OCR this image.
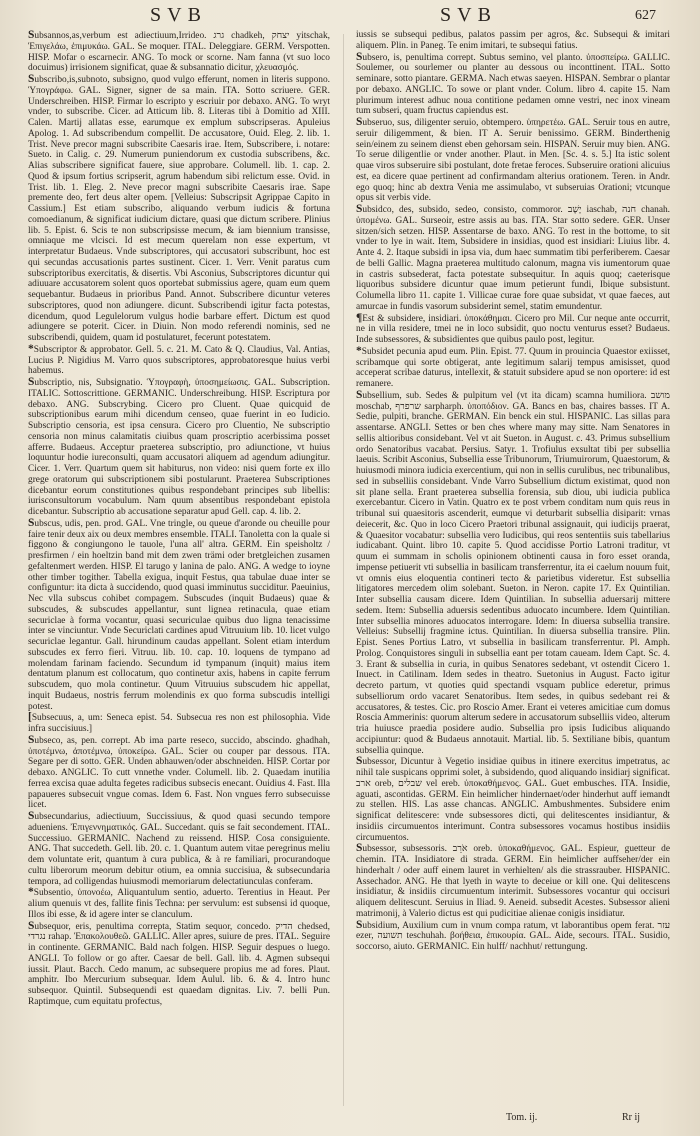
SVB	SVB	627

Subsannos,as,verbum est adiectiuum,Irrideo. גרג chadkeh, יצחק yitschak, Ἐπιγελάω, ἐπιμυκάω. GAL. Se moquer. ITAL. Deleggiare. GERM. Verspotten. HISP. Mofar o escarnecir. ANG. To mock or scorne. Nam fanna (vt suo loco docuimus) irrisionem significat, quae & subsannatio dicitur, χλευασμός.

Subscribo,is,subnoto, subsigno, quod vulgo efferunt, nomen in literis suppono. Ὑπογράφω. GAL. Signer, signer de sa main. ITA. Sotto scriuere. GER. Underschreiben. HISP. Firmar lo escripto y escriuir por debaxo. ANG. To wryt vnder, to subscribe. Cicer. ad Atticum lib. 8. Literas tibi à Domitio ad XIII. Calen. Martij allatas esse, earumque ex emplum subscripseras. Apuleius Apolog. 1. Ad subscribendum compellit. De accusatore, Ouid. Eleg. 2. lib. 1. Trist. Neve precor magni subscribite Caesaris irae. Item, Subscribere, i. notare: Sueto. in Calig. c. 29. Numerum puniendorum ex custodia subscribens, &c. Alias subscribere significat fauere, siue approbare. Columell. lib. 1. cap. 2. Quod & ipsum fortius scripserit, agrum habendum sibi relictum esse. Ovid. in Trist. lib. 1. Eleg. 2. Neve precor magni subscribite Caesaris irae. Sape premente deo, fert deus alter opem. [Velleius: Subscripsit Agrippae Capito in Cassium.] Est etiam subscribo, aliquando verbum iudicis & fortuna comoedianum, & significat iudicium dictare, quasi que dictum scribere. Plinius lib. 5. Epist. 6. Scis te non subscripsisse mecum, & iam biennium transisse, omniaque me vlcisci. Id est mecum querelam non esse expertum, vt interpretatur Budaeus. Vnde subscriptores, qui accusatori subscribunt, hoc est qui secundas accusationis partes sustinent. Cicer. 1. Verr. Venit paratus cum subscriptoribus exercitatis, & disertis. Vbi Asconius, Subscriptores dicuntur qui adiuuare accusatorem solent quos oportebat submissius agere, quam eum quem sequebantur. Budaeus in prioribus Pand. Annot. Subscribere dicuntur veteres subscriptores, quod non adiungere. dicunt. Subscribendi igitur facta potestas, dicendum, quod Legulelorum vulgus hodie barbare effert. Dictum est quod adiungere se poterit. Cicer. in Diuin. Non modo referendi nominis, sed ne subscribendi, quidem, quam id postulaturet, fecerunt potestatem.

*Subscriptor & approbator. Gell. 5. c. 21. M. Cato & Q. Claudius, Val. Antias, Lucius P. Nigidius M. Varro quos subscriptores, approbatoresque huius verbi habemus.

Subscriptio, nis, Subsignatio. Ὑπογραφὴ, ὑποσημείωσις. GAL. Subscription. ITALIC. Sottoscrittione. GERMANIC. Underschreibung. HISP. Escriptura por debaxo. ANG. Subscrybing. Cicero pro Cluent. Quae quicquid de subscriptionibus earum mihi dicendum censeo, quae fuerint in eo Iudicio. Subscriptio censoria, est ipsa censura. Cicero pro Cluentio, Ne subscriptio censoria non minus calamitatis ciuibus quam proscriptio acerbissima posset afferre. Budaeus. Acceptur praeterea subscriptio, pro adiunctione, vt huius loquuntur hodie iureconsulti, quam accusatori aliquem ad agendum adiungitur. Cicer. 1. Verr. Quartum quem sit habiturus, non video: nisi quem forte ex illo grege oratorum qui subscriptionem sibi postularunt. Praeterea Subscriptiones dicebantur eorum constitutiones quibus respondebant principes sub libellis: iurisconsultorum vocabulum. Nam quum absentibus respondebant epistola dicebantur. Subscriptio ab accusatione separatur apud Gell. cap. 4. lib. 2.

Subscus, udis, pen. prod. GAL. Vne tringle, ou queue d'aronde ou cheuille pour faire tenir deux aix ou deux membres ensemble. ITALI. Tanoletta con la quale si figgono & congiungono le tauole, l'una all' altra. GERM. Ein speisholtz / presfirmen / ein hoeltzin band mit dem zwen trämi oder bretgleichen zusamen gefaltenmert werden. HISP. El tarugo y lanina de palo. ANG. A wedge to ioyne other timber togither. Tabella exigua, inquit Festus, qua tabulae duae inter se configuntur: ita dicta à succidendo, quod quasi imminutus succiditur. Paeuinius, Nec vlla subscus cohibet compagem. Subscudes (inquit Budaeus) quae & subscudes, & subscudes appellantur, sunt lignea retinacula, quae etiam securiclae à forma vocantur, quasi securiculae quibus duo ligna tenacissime inter se vinciuntur. Vnde Securiclati cardines apud Vitruuium lib. 10. licet vulgo securiclae legantur. Gall. hirundinum caudas appellant. Solent etiam interdum subscudes ex ferro fieri. Vitruu. lib. 10. cap. 10. loquens de tympano ad molendam farinam faciendo. Secundum id tympanum (inquit) maius item dentatum planum est collocatum, quo continetur axis, habens in capite ferrum subscudem, quo mola continetur. Quum Vitruuius subscudem hic appellat, inquit Budaeus, nostris ferrum molendinis ex quo forma subscudis intelligi potest.

[Subsecuus, a, um: Seneca epist. 54. Subsecua res non est philosophia. Vide infra succisiuus.]

Subseco, as, pen. corrept. Ab ima parte reseco, succido, abscindo. ghadhah, ὑποτέμνω, ἀποτέμνω, ὑποκείρω. GAL. Scier ou couper par dessous. ITA. Segare per di sotto. GER. Unden abhauwen/oder abschneiden. HISP. Cortar por debaxo. ANGLIC. To cutt vnnethe vnder. Columell. lib. 2. Quaedam inutilia ferrea excisa quae adulta fegetes radicibus subsecis enecant. Ouidius 4. Fast. Illa papaueres subsecuit vngue comas. Idem 6. Fast. Non vngues ferro subsecuisse licet.

Subsecundarius, adiectiuum, Succissiuus, & quod quasi secundo tempore adueniens. Ἐπιγεννηματικός. GAL. Succedant. quis se fait secondement. ITAL. Successiuo. GERMANIC. Nachend zu reissend. HISP. Cosa consiguiente. ANG. That succedeth. Gell. lib. 20. c. 1. Quantum autem vitae peregrinus meliu dem voluntate erit, quantum à cura publica, & à re familiari, procurandoque cultu liberorum meorum debitur otium, ea omnia succisiua, & subsecundaria tempora, ad colligendas huiusmodi memoriarum delectatiunculas conferam.

*Subsentio, ὑπονοέω, Aliquantulum sentio, aduerto. Terentius in Heaut. Per alium quenuis vt des, fallite finis Techna: per servulum: est subsensi id quoque, Illos ibi esse, & id agere inter se clanculum.

Subsequor, eris, penultima correpta, Statim sequor, concedo. הדיק chedsed, נגרדי rahap. Ἐπακολουθεῶ. GALLIC. Aller apres, suiure de pres. ITAL. Seguire in continente. GERMANIC. Bald nach folgen. HISP. Seguir despues o luego. ANGLI. To follow or go after. Caesar de bell. Gall. lib. 4. Agmen subsequi iussit. Plaut. Bacch. Cedo manum, ac subsequere propius me ad fores. Plaut. amphitr. Ibo Mercurium subsequar. Idem Aulul. lib. 6. & 4. Intro hunc subsequor. Quintil. Subsequendi est quaedam dignitas. Liv. 7. belli Pun. Raptimque, cum equitatu profectus,

iussis se subsequi pedibus, palatos passim per agros, &c. Subsequi & imitari aliquem. Plin. in Paneg. Te enim imitari, te subsequi fatius.

Subsero, is, penultima corrept. Subtus semino, vel planto. ὑποσπείρω. GALLIC. Soulemer, ou sourlemer ou planter au dessous ou inconttinent. ITAL. Sotto seminare, sotto piantare. GERMA. Nach etwas saeyen. HISPAN. Sembrar o plantar por debaxo. ANGLIC. To sowe or plant vnder. Colum. libro 4. capite 15. Nam plurimum interest adhuc noua contitione pedamen omne vestri, nec inox vineam tum subseri, quam fructus capiendus est.

Subseruo, sus, diligenter seruio, obtempero. ὑπηρετέω. GAL. Seruir tous en autre, seruir diligemment, & bien. IT A. Seruir benissimo. GERM. Binderthenig sein/einem zu seinem dienst eben gehorsam sein. HISPAN. Seruir muy bien. ANG. To serue diligentlie or vnder another. Plaut. in Men. [Sc. 4. s. 5.] Ita istic solent quae viros subseruire sibi postulant, dote fretae feroces. Subseruire orationi alicuius est, ea dicere quae pertinent ad confirmandam alterius orationem. Teren. in Andr. ego quoq; hinc ab dextra Venia me assimulabo, vt subseruias Orationi; vtcunque opus sit verbis vide.

Subsidco, des, subsido, sedeo, consisto, commoror. יֶשֶׁב iaschab, חנה chanah. ὑπομένω. GAL. Surseoir, estre assis au bas. ITA. Star sotto sedere. GER. Unser sitzen/sich setzen. HISP. Assentarse de baxo. ANG. To rest in the bottome, to sit vnder to lye in wait. Item, Subsidere in insidias, quod est insidiari: Liuius libr. 4. Ante 4. 2. Itaque subsidi in ipsa via, dum haec summatim tibi perferiberem. Caesar de belli Gallic. Magna praeterea multitudo calonum, magna vis iumentorum quae in castris subsederat, facta potestate subsequitur. In aquis quoq; caeterisque liquoribus subsidere dicuntur quae imum petierunt fundi, Ibique subsistunt. Columella libro 11. capite 1. Villicae curae fore quae subsidat, vt quae faeces, aut amurcae in fundis vasorum subsiderint semel, statim emundentur.

¶Est & subsidere, insidiari. ὑποκάθημαι. Cicero pro Mil. Cur neque ante occurrit, ne in villa residere, tmei ne in loco subsidit, quo noctu venturus esset? Budaeus. Inde subsessores, & subsidientes que quibus paulo post, legitur.

*Subsidet pecunia apud eum. Plin. Epist. 77. Quum in prouincia Quaestor exiisset, scribamque qui sorte obtigerat, ante legitimum salarij tempus amisisset, quod acceperat scribae daturus, intellexit, & statuit subsidere apud se non oportere: id est remanere.

Subsellium, sub. Sedes & pulpitum vel (vt ita dicam) scamna humiliora. מושב moschab, שרפרף sarpharph. ὑποπόδιον. GA. Bancs en bas, chaires basses. IT A. Sedie, pulpiti, branche. GERMAN. Ein benck ein stul. HISPANIC. Las sillas para assentarse. ANGLI. Settes or ben ches where many may sitte. Nam Senatores in sellis altioribus considebant. Vel vt ait Sueton. in August. c. 43. Primus subsellium ordo Senatoribus vacabat. Persius. Satyr. 1. Trofiulus exsultat tibi per subsellia laeuis. Scribit Asconius, Subsellia esse Tribunorum, Triumuirorum, Quaestorum, & huiusmodi minora iudicia exercentium, qui non in sellis curulibus, nec tribunalibus, sed in subselliis considebant. Vnde Varro Subsellium dictum existimat, quod non sit plane sella. Erant praeterea subsellia forensia, sub diou, ubi iudicia publica exercebantur. Cicero in Vatin. Quatro ex te post vrbem conditam num quis reus in tribunal sui quaesitoris ascenderit, eumque vi deturbarit subsellia disiparit: vrnas deiecerit, &c. Quo in loco Cicero Praetori tribunal assignauit, qui iudicijs praerat, & Quaesitor vocabatur: subsellia vero Iudicibus, qui reos sententiis suis tabellarius iudicabant. Quint. libro 10. capite 5. Quod accidisse Portio Latroni traditur, vt quum ei summam in scholis opinionem obtinenti causa in foro esset oranda, impense petiuerit vti subsellia in basilicam transferrentur, ita ei caelum nouum fuit, vt omnis eius eloquentia contineri tecto & parietibus videretur. Est subsellia litigatores mercedem olim solebant. Sueton. in Neron. capite 17. Ex Quintilian. Inter subsellia causam dicere. Idem Quintilian. In subsellia aduersarij mittere sedem. Item: Subsellia aduersis sedentibus aduocato incumbere. Idem Quintilian. Inter subsellia minores aduocatos interrogare. Idem: In diuersa subsellia transire. Velleius: Subsellij fragmine ictus. Quintilian. In diuersa subsellia transire. Plin. Epist. Senes Portius Latro, vt subsellia in basilicam transferrentur. Pl. Amph. Prolog. Conquistores singuli in subsellia eant per totam caueam. Idem Capt. Sc. 4. 3. Erant & subsellia in curia, in quibus Senatores sedebant, vt ostendit Cicero 1. Inuect. in Catilinam. Idem sedes in theatro. Suetonius in August. Facto igitur decreto partum, vt quoties quid spectandi vsquam publice ederetur, primus subselliorum ordo vacaret Senatoribus. Item sedes, in quibus sedebant rei & accusatores, & testes. Cic. pro Roscio Amer. Erant ei veteres amicitiae cum domus Roscia Ammerinis: quorum alterum sedere in accusatorum subselliis video, alterum tria huiusce praedia posidere audio. Subsellia pro ipsis Iudicibus aliquando accipiuntur: quod & Budaeus annotauit. Martial. lib. 5. Sextiliane bibis, quantum subsellia quinque.

Subsessor, Dicuntur à Vegetio insidiae quibus in itinere exercitus impetratus, ac nihil tale suspicans opprimi solet, à subsidendo, quod aliquando insidiarj significat. ארב oreb, שבלים vel ereb. ὑποκαθήμενος. GAL. Guet embusches. ITA. Insidie, aguati, ascontidas. GERM. Ein heimlicher hindernaet/oder hinderhut auff iemandt zu stellen. HIS. Las asse chancas. ANGLIC. Ambushmentes. Subsidere enim significat delitescere: vnde subsessores dicti, qui delitescentes insidiantur, & insidiis circumuentos interimunt. Contra subsessores vocamus hostibus insidiis circumuentos.

Subsessor, subsessoris. אֹרֵב oreb. ὑποκαθήμενος. GAL. Espieur, guetteur de chemin. ITA. Insidiatore di strada. GERM. Ein heimlicher auffseher/der ein hinderhalt / oder auff einem lauret in verhielten/ als die strassrauber. HISPANIC. Assechador. ANG. He that lyeth in wayte to deceiue or kill one. Qui delitescens insidiatur, & insidiis circumuentum interimit. Subsessores vocantur qui occisuri aliquem delitescunt. Seruius in Iliad. 9. Aeneid. subsedit Acestes. Subsessor alieni matrimonij, à Valerio dictus est qui pudicitiae alienae conigis insidiatur.

Subsidium, Auxilium cum in vnum compa ratum, vt laborantibus opem ferat. עזר ezer, תשועה teschuhah. βοήθεια, ἐπικουρία. GAL. Aide, secours. ITAL. Susidio, soccorso, aiuto. GERMANIC. Ein hulff/ nachhut/ rettungung.

Tom. ij.	Rr ij
